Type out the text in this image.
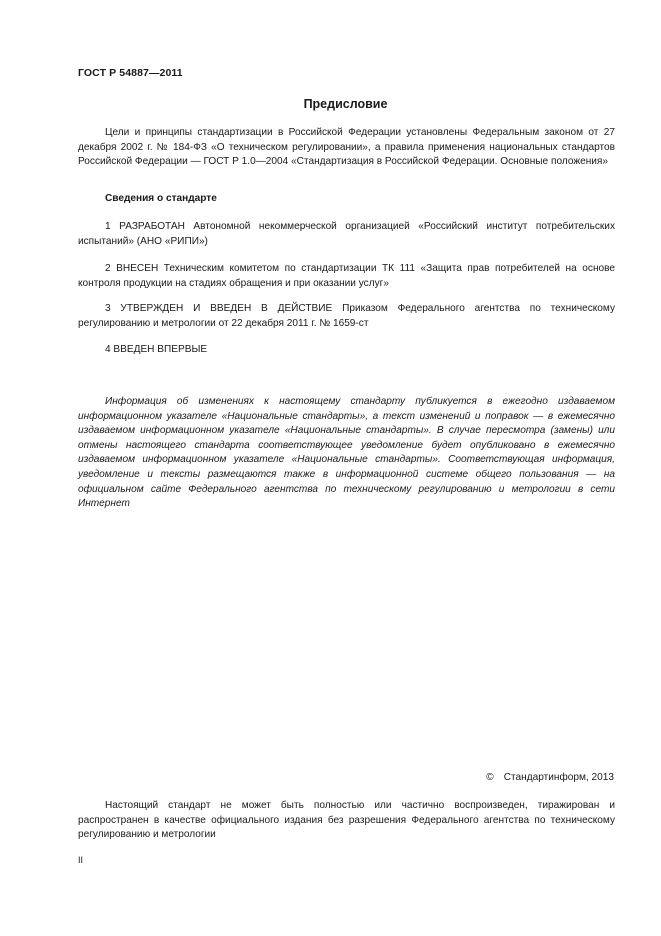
ГОСТ Р 54887—2011
Предисловие

Цели и принципы стандартизации в Российской Федерации установлены Федеральным законом от 27 декабря 2002 г. № 184-ФЗ «О техническом регулировании», а правила применения национальных стандартов Российской Федерации — ГОСТ Р 1.0—2004 «Стандартизация в Российской Федерации. Основные положения»

Сведения о стандарте

1 РАЗРАБОТАН Автономной некоммерческой организацией «Российский институт потребительских испытаний» (АНО «РИПИ»)

2 ВНЕСЕН Техническим комитетом по стандартизации ТК 111 «Защита прав потребителей на основе контроля продукции на стадиях обращения и при оказании услуг»

3 УТВЕРЖДЕН И ВВЕДЕН В ДЕЙСТВИЕ Приказом Федерального агентства по техническому регулированию и метрологии от 22 декабря 2011 г. № 1659-ст

4 ВВЕДЕН ВПЕРВЫЕ

Информация об изменениях к настоящему стандарту публикуется в ежегодно издаваемом информационном указателе «Национальные стандарты», а текст изменений и поправок — в ежемесячно издаваемом информационном указателе «Национальные стандарты». В случае пересмотра (замены) или отмены настоящего стандарта соответствующее уведомление будет опубликовано в ежемесячно издаваемом информационном указателе «Национальные стандарты». Соответствующая информация, уведомление и тексты размещаются также в информационной системе общего пользования — на официальном сайте Федерального агентства по техническому регулированию и метрологии в сети Интернет

© Стандартинформ, 2013

Настоящий стандарт не может быть полностью или частично воспроизведен, тиражирован и распространен в качестве официального издания без разрешения Федерального агентства по техническому регулированию и метрологии

II
